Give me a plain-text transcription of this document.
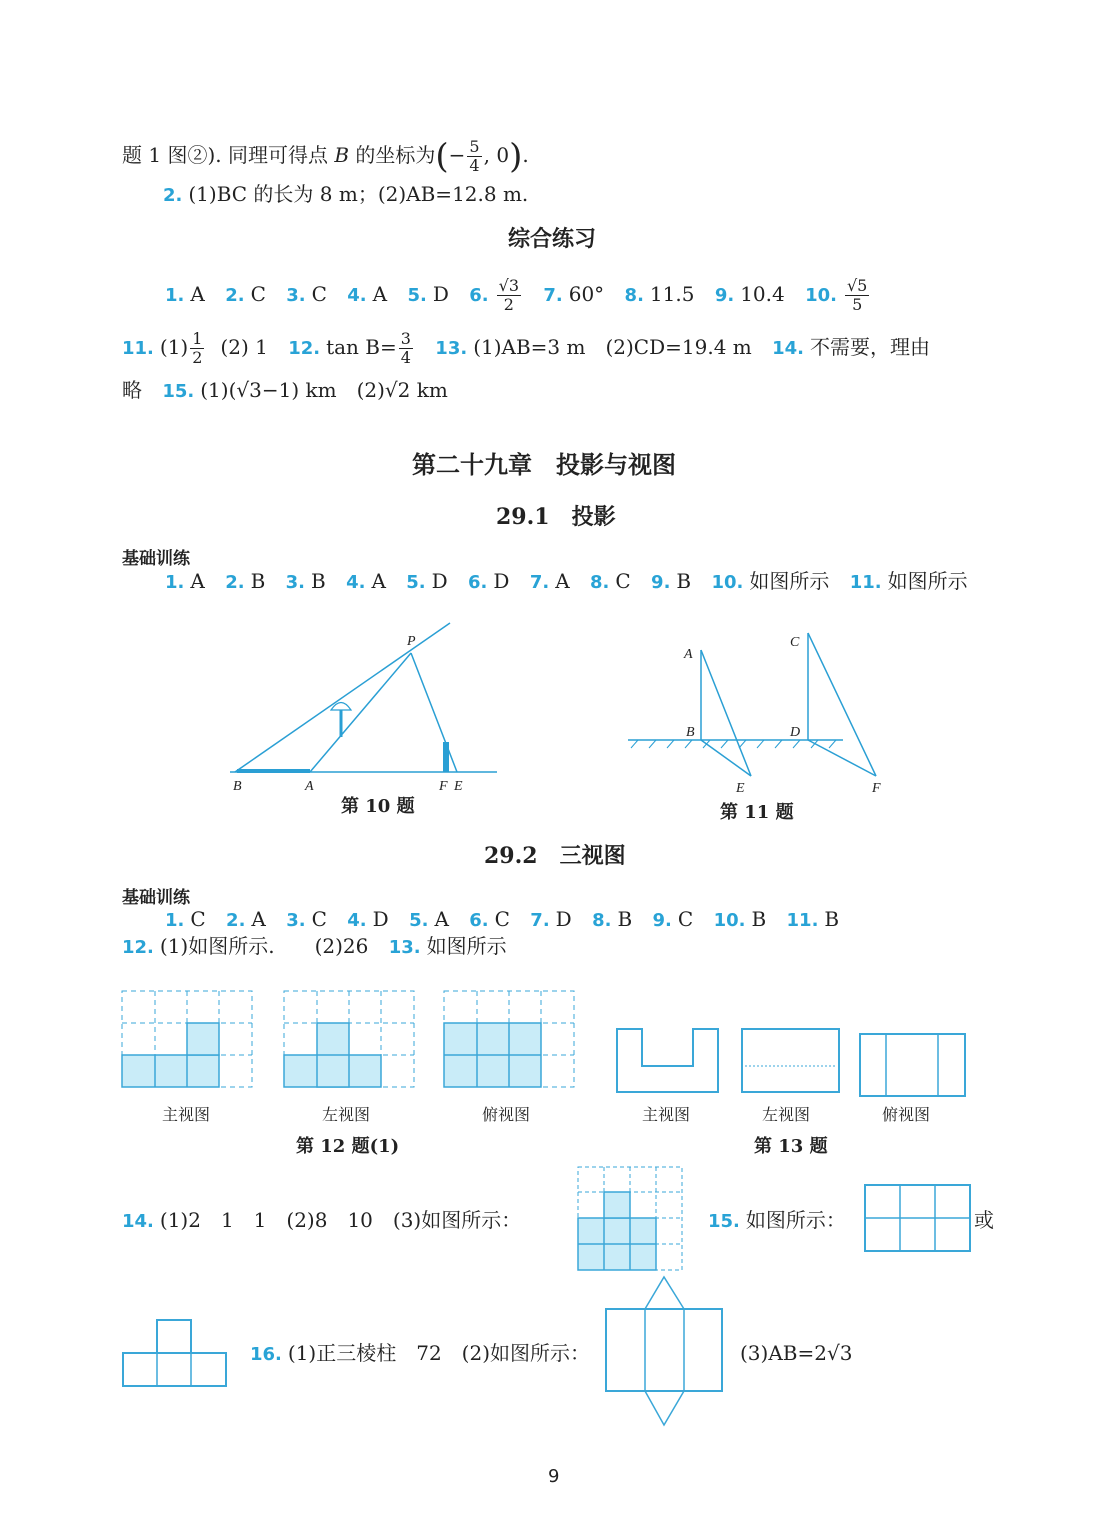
题 1 图②). 同理可得点 B 的坐标为(− $\frac{5}{4}$ , 0).
2. (1)BC 的长为 8 m；(2)AB=12.8 m.
综合练习
1. A 2. C 3. C 4. A 5. D 6. $\frac{√3}{2} 7$. 60° 8. 11.5 9. 10.4 10. $\frac{√5}{5}$
11. $(1) \frac{1}{2} (2)$ 1 12. $\tan B= \frac{3}{4} 13$. (1)AB=3 m　(2)CD=19.4 m 14. 不需要，理由
略 15. (1)(√3−1) km　(2)√2 km
第二十九章　投影与视图
29.1　投影
基础训练
1. A 2. B 3. B 4. A 5. D 6. D 7. A 8. C 9. B 10. 如图所示 11. 如图所示
P
B	A	F E
第 10 题
A
B
C
D
E	F
第 11 题
29.2　三视图
基础训练
1. C 2. A 3. C 4. D 5. A 6. C 7. D 8. B 9. C 10. B 11. B
12. (1)如图所示.　　(2)26 13. 如图所示
主视图	左视图	俯视图
第 12 题(1)
主视图	左视图	俯视图
第 13 题
14. (1)2　1　1　(2)8　10　(3)如图所示：	15. 如图所示：	或
16. (1)正三棱柱　72　(2)如图所示：	(3)AB=2√3
9
